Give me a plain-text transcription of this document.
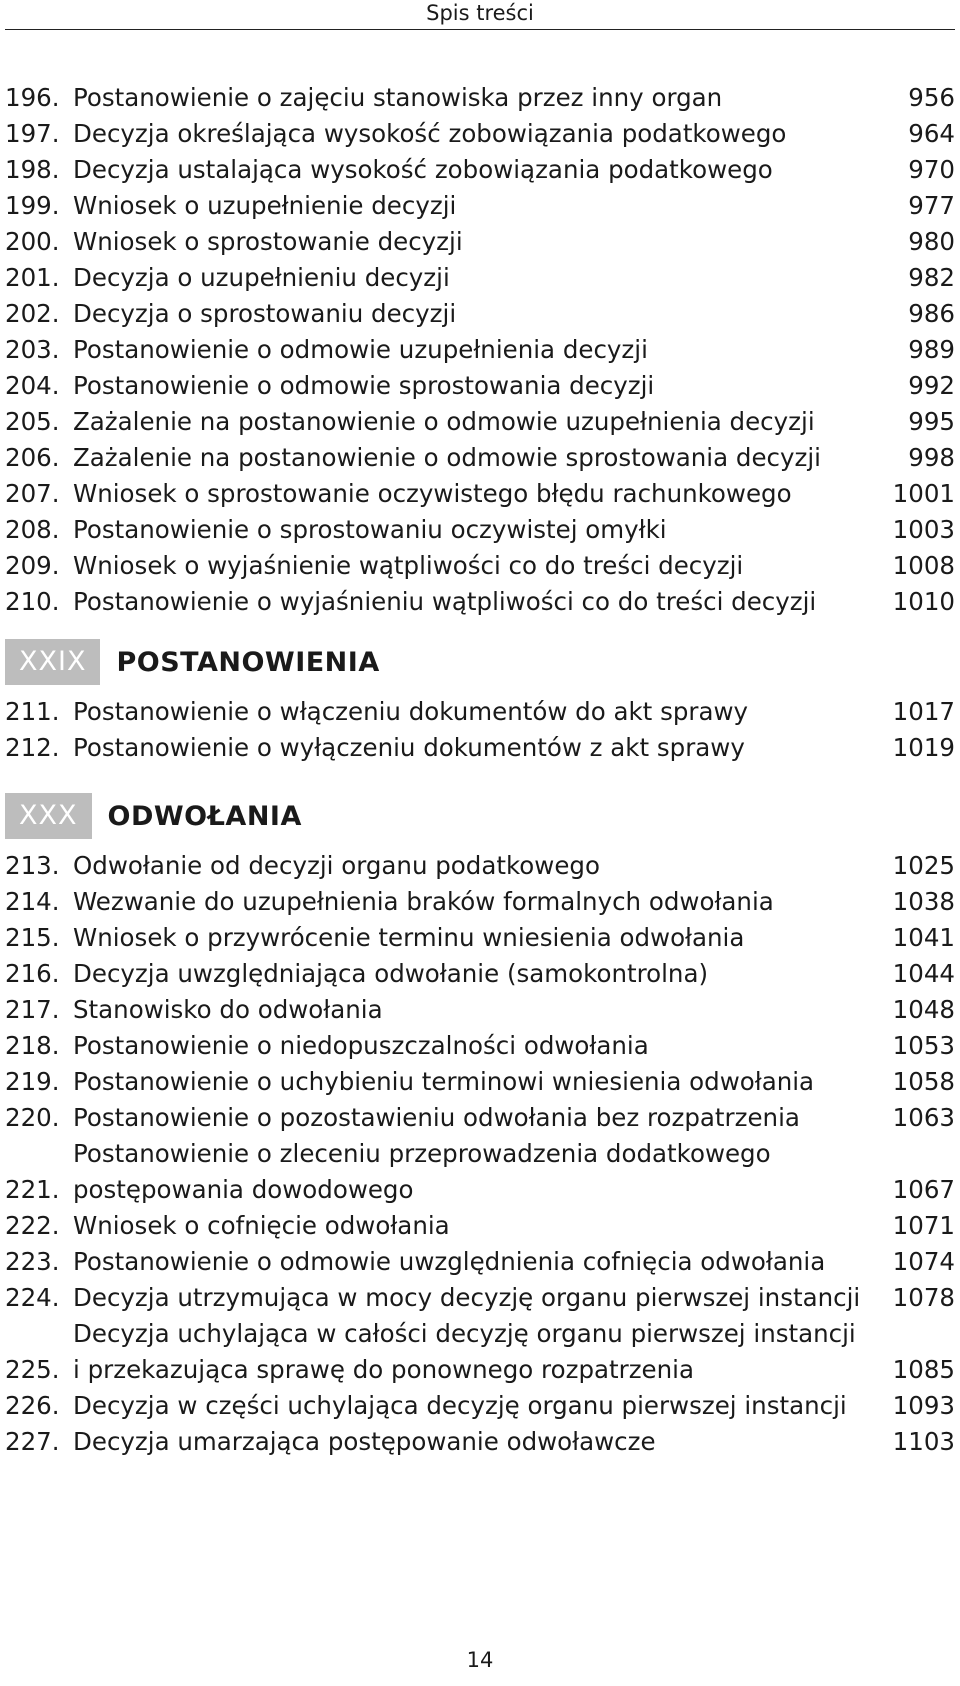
Spis treści
196. Postanowienie o zajęciu stanowiska przez inny organ	956
197. Decyzja określająca wysokość zobowiązania podatkowego	964
198. Decyzja ustalająca wysokość zobowiązania podatkowego	970
199. Wniosek o uzupełnienie decyzji	977
200. Wniosek o sprostowanie decyzji	980
201. Decyzja o uzupełnieniu decyzji	982
202. Decyzja o sprostowaniu decyzji	986
203. Postanowienie o odmowie uzupełnienia decyzji	989
204. Postanowienie o odmowie sprostowania decyzji	992
205. Zażalenie na postanowienie o odmowie uzupełnienia decyzji	995
206. Zażalenie na postanowienie o odmowie sprostowania decyzji	998
207. Wniosek o sprostowanie oczywistego błędu rachunkowego	1001
208. Postanowienie o sprostowaniu oczywistej omyłki	1003
209. Wniosek o wyjaśnienie wątpliwości co do treści decyzji	1008
210. Postanowienie o wyjaśnieniu wątpliwości co do treści decyzji	1010
XXIX	POSTANOWIENIA
211. Postanowienie o włączeniu dokumentów do akt sprawy	1017
212. Postanowienie o wyłączeniu dokumentów z akt sprawy	1019
XXX	ODWOŁANIA
213. Odwołanie od decyzji organu podatkowego	1025
214. Wezwanie do uzupełnienia braków formalnych odwołania	1038
215. Wniosek o przywrócenie terminu wniesienia odwołania	1041
216. Decyzja uwzględniająca odwołanie (samokontrolna)	1044
217. Stanowisko do odwołania	1048
218. Postanowienie o niedopuszczalności odwołania	1053
219. Postanowienie o uchybieniu terminowi wniesienia odwołania	1058
220. Postanowienie o pozostawieniu odwołania bez rozpatrzenia	1063
221.
Postanowienie o zleceniu przeprowadzenia dodatkowego
postępowania dowodowego	1067
222. Wniosek o cofnięcie odwołania	1071
223. Postanowienie o odmowie uwzględnienia cofnięcia odwołania	1074
224. Decyzja utrzymująca w mocy decyzję organu pierwszej instancji	1078
225.
Decyzja uchylająca w całości decyzję organu pierwszej instancji
i przekazująca sprawę do ponownego rozpatrzenia	1085
226. Decyzja w części uchylająca decyzję organu pierwszej instancji	1093
227. Decyzja umarzająca postępowanie odwoławcze	1103
14
